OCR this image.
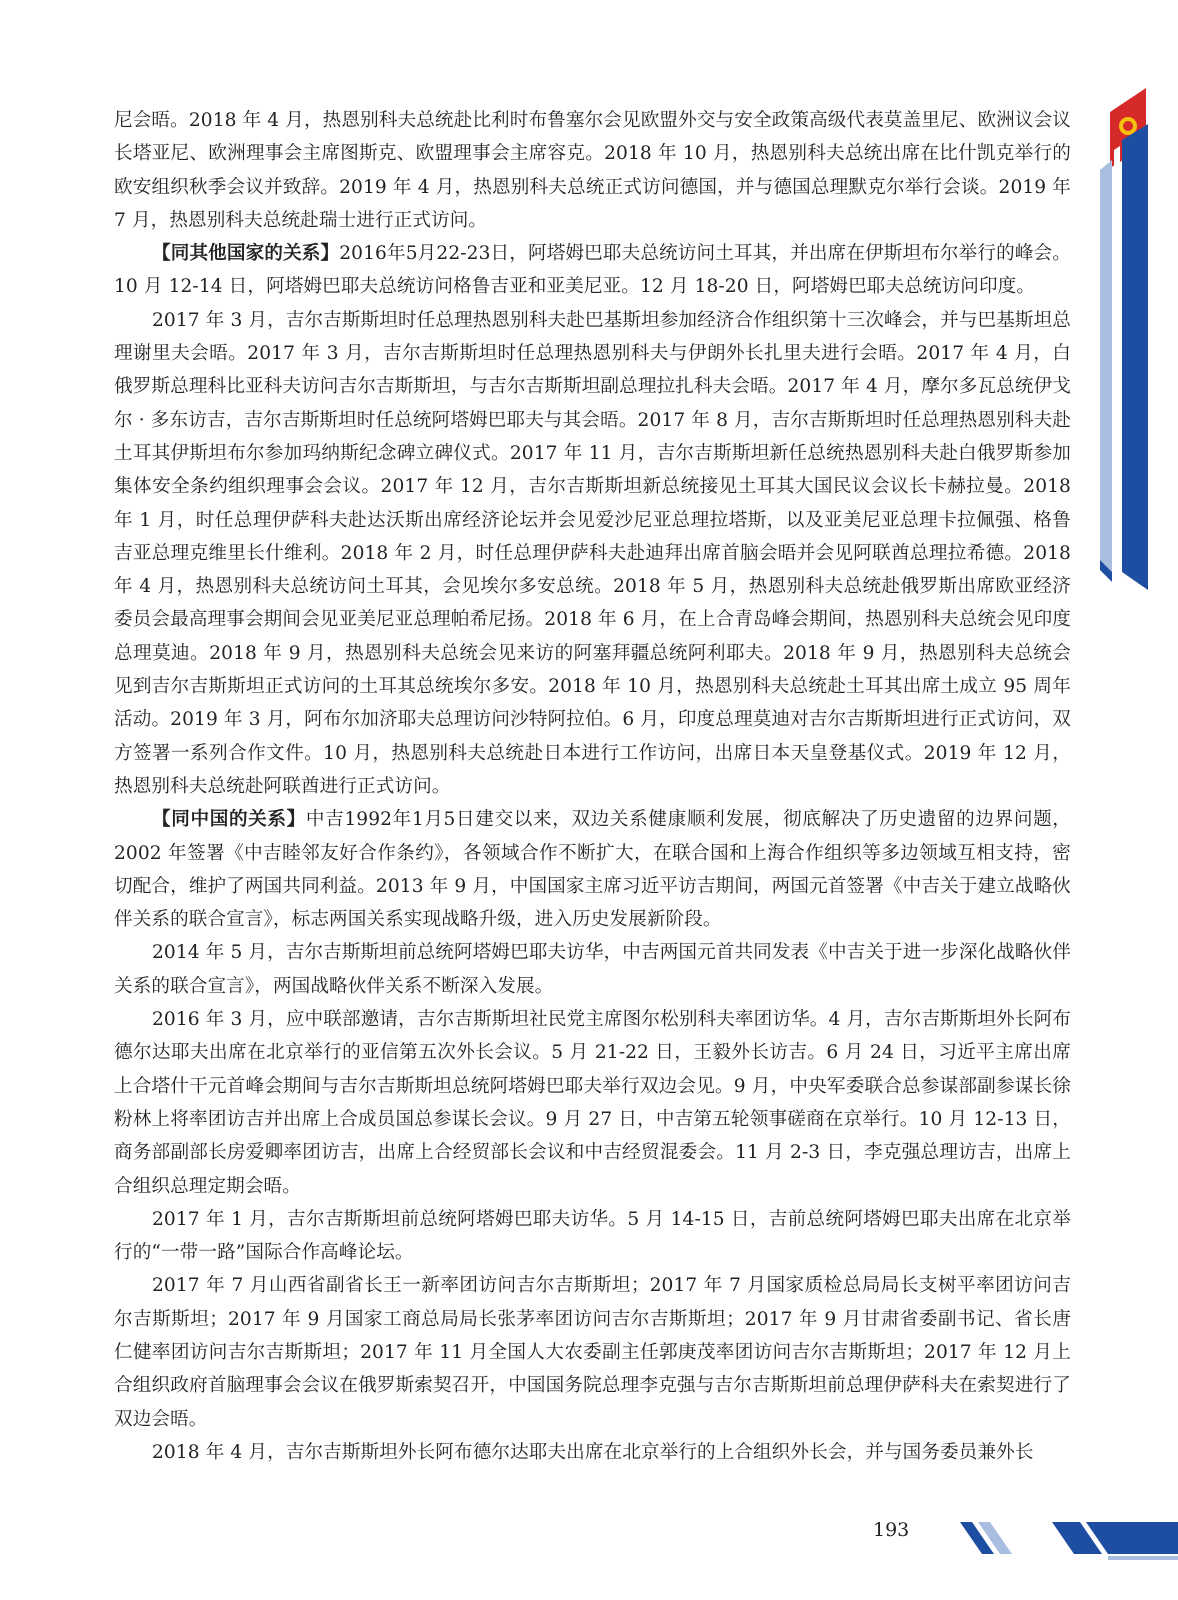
尼会晤。2018 年 4 月，热恩别科夫总统赴比利时布鲁塞尔会见欧盟外交与安全政策高级代表莫盖里尼、欧洲议会议长塔亚尼、欧洲理事会主席图斯克、欧盟理事会主席容克。2018 年 10 月，热恩别科夫总统出席在比什凯克举行的欧安组织秋季会议并致辞。2019 年 4 月，热恩别科夫总统正式访问德国，并与德国总理默克尔举行会谈。2019 年 7 月，热恩别科夫总统赴瑞士进行正式访问。

【同其他国家的关系】2016年5月22-23日，阿塔姆巴耶夫总统访问土耳其，并出席在伊斯坦布尔举行的峰会。10 月 12-14 日，阿塔姆巴耶夫总统访问格鲁吉亚和亚美尼亚。12 月 18-20 日，阿塔姆巴耶夫总统访问印度。

2017 年 3 月，吉尔吉斯斯坦时任总理热恩别科夫赴巴基斯坦参加经济合作组织第十三次峰会，并与巴基斯坦总理谢里夫会晤。2017 年 3 月，吉尔吉斯斯坦时任总理热恩别科夫与伊朗外长扎里夫进行会晤。2017 年 4 月，白俄罗斯总理科比亚科夫访问吉尔吉斯斯坦，与吉尔吉斯斯坦副总理拉扎科夫会晤。2017 年 4 月，摩尔多瓦总统伊戈尔 · 多东访吉，吉尔吉斯斯坦时任总统阿塔姆巴耶夫与其会晤。2017 年 8 月，吉尔吉斯斯坦时任总理热恩别科夫赴土耳其伊斯坦布尔参加玛纳斯纪念碑立碑仪式。2017 年 11 月，吉尔吉斯斯坦新任总统热恩别科夫赴白俄罗斯参加集体安全条约组织理事会会议。2017 年 12 月，吉尔吉斯斯坦新总统接见土耳其大国民议会议长卡赫拉曼。2018 年 1 月，时任总理伊萨科夫赴达沃斯出席经济论坛并会见爱沙尼亚总理拉塔斯，以及亚美尼亚总理卡拉佩强、格鲁吉亚总理克维里长什维利。2018 年 2 月，时任总理伊萨科夫赴迪拜出席首脑会晤并会见阿联酋总理拉希德。2018 年 4 月，热恩别科夫总统访问土耳其，会见埃尔多安总统。2018 年 5 月，热恩别科夫总统赴俄罗斯出席欧亚经济委员会最高理事会期间会见亚美尼亚总理帕希尼扬。2018 年 6 月，在上合青岛峰会期间，热恩别科夫总统会见印度总理莫迪。2018 年 9 月，热恩别科夫总统会见来访的阿塞拜疆总统阿利耶夫。2018 年 9 月，热恩别科夫总统会见到吉尔吉斯斯坦正式访问的土耳其总统埃尔多安。2018 年 10 月，热恩别科夫总统赴土耳其出席土成立 95 周年活动。2019 年 3 月，阿布尔加济耶夫总理访问沙特阿拉伯。6 月，印度总理莫迪对吉尔吉斯斯坦进行正式访问，双方签署一系列合作文件。10 月，热恩别科夫总统赴日本进行工作访问，出席日本天皇登基仪式。2019 年 12 月，热恩别科夫总统赴阿联酋进行正式访问。

【同中国的关系】中吉1992年1月5日建交以来，双边关系健康顺利发展，彻底解决了历史遗留的边界问题，2002 年签署《中吉睦邻友好合作条约》，各领域合作不断扩大，在联合国和上海合作组织等多边领域互相支持，密切配合，维护了两国共同利益。2013 年 9 月，中国国家主席习近平访吉期间，两国元首签署《中吉关于建立战略伙伴关系的联合宣言》，标志两国关系实现战略升级，进入历史发展新阶段。

2014 年 5 月，吉尔吉斯斯坦前总统阿塔姆巴耶夫访华，中吉两国元首共同发表《中吉关于进一步深化战略伙伴关系的联合宣言》，两国战略伙伴关系不断深入发展。

2016 年 3 月，应中联部邀请，吉尔吉斯斯坦社民党主席图尔松别科夫率团访华。4 月，吉尔吉斯斯坦外长阿布德尔达耶夫出席在北京举行的亚信第五次外长会议。5 月 21-22 日，王毅外长访吉。6 月 24 日，习近平主席出席上合塔什干元首峰会期间与吉尔吉斯斯坦总统阿塔姆巴耶夫举行双边会见。9 月，中央军委联合总参谋部副参谋长徐粉林上将率团访吉并出席上合成员国总参谋长会议。9 月 27 日，中吉第五轮领事磋商在京举行。10 月 12-13 日，商务部副部长房爱卿率团访吉，出席上合经贸部长会议和中吉经贸混委会。11 月 2-3 日，李克强总理访吉，出席上合组织总理定期会晤。

2017 年 1 月，吉尔吉斯斯坦前总统阿塔姆巴耶夫访华。5 月 14-15 日，吉前总统阿塔姆巴耶夫出席在北京举行的“一带一路”国际合作高峰论坛。

2017 年 7 月山西省副省长王一新率团访问吉尔吉斯斯坦；2017 年 7 月国家质检总局局长支树平率团访问吉尔吉斯斯坦；2017 年 9 月国家工商总局局长张茅率团访问吉尔吉斯斯坦；2017 年 9 月甘肃省委副书记、省长唐仁健率团访问吉尔吉斯斯坦；2017 年 11 月全国人大农委副主任郭庚茂率团访问吉尔吉斯斯坦；2017 年 12 月上合组织政府首脑理事会会议在俄罗斯索契召开，中国国务院总理李克强与吉尔吉斯斯坦前总理伊萨科夫在索契进行了双边会晤。

2018 年 4 月，吉尔吉斯斯坦外长阿布德尔达耶夫出席在北京举行的上合组织外长会，并与国务委员兼外长

193
